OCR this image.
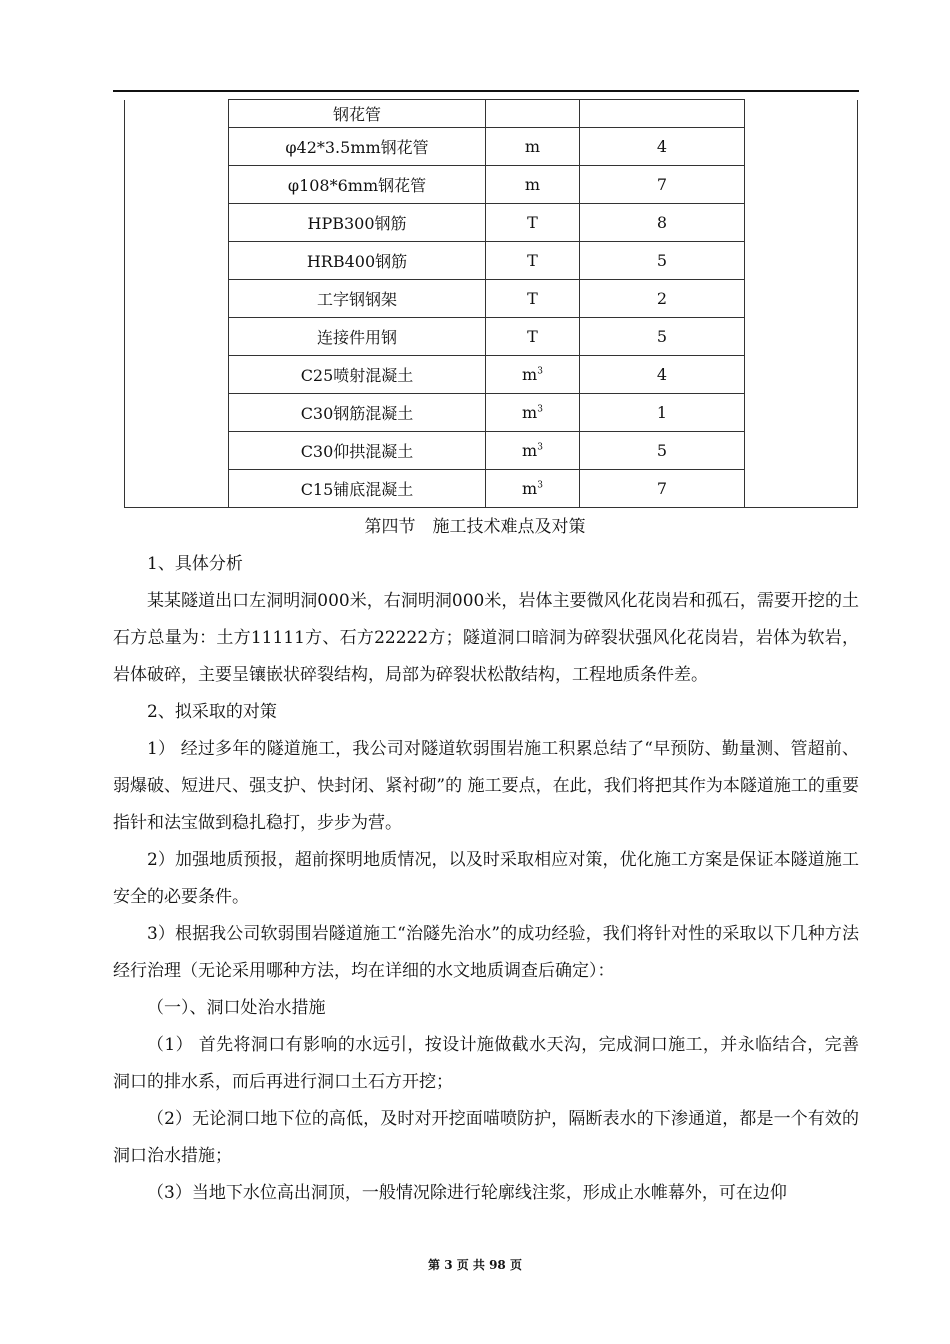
	钢花管			
	φ42*3.5mm钢花管	m	4	
	φ108*6mm钢花管	m	7	
	HPB300钢筋	T	8	
	HRB400钢筋	T	5	
	工字钢钢架	T	2	
	连接件用钢	T	5	
	C25喷射混凝土	$m^3$	4	
	C30钢筋混凝土	$m^3$	1	
	C30仰拱混凝土	$m^3$	5	
	C15铺底混凝土	$m^3$	7	
第四节　施工技术难点及对策

1、具体分析

某某隧道出口左洞明洞000米，右洞明洞000米，岩体主要微风化花岗岩和孤石，需要开挖的土石方总量为：土方11111方、石方22222方；隧道洞口暗洞为碎裂状强风化花岗岩，岩体为软岩，岩体破碎，主要呈镶嵌状碎裂结构，局部为碎裂状松散结构，工程地质条件差。

2、拟采取的对策

1） 经过多年的隧道施工，我公司对隧道软弱围岩施工积累总结了“早预防、勤量测、管超前、弱爆破、短进尺、强支护、快封闭、紧衬砌”的 施工要点，在此，我们将把其作为本隧道施工的重要指针和法宝做到稳扎稳打，步步为营。

2）加强地质预报，超前探明地质情况，以及时采取相应对策，优化施工方案是保证本隧道施工安全的必要条件。

3）根据我公司软弱围岩隧道施工“治隧先治水”的成功经验，我们将针对性的采取以下几种方法经行治理（无论采用哪种方法，均在详细的水文地质调查后确定）：

（一）、洞口处治水措施

（1） 首先将洞口有影响的水远引，按设计施做截水天沟，完成洞口施工，并永临结合，完善洞口的排水系，而后再进行洞口土石方开挖；

（2）无论洞口地下位的高低，及时对开挖面喵喷防护，隔断表水的下渗通道，都是一个有效的洞口治水措施；

（3）当地下水位高出洞顶，一般情况除进行轮廓线注浆，形成止水帷幕外，可在边仰

第 3 页 共 98 页
